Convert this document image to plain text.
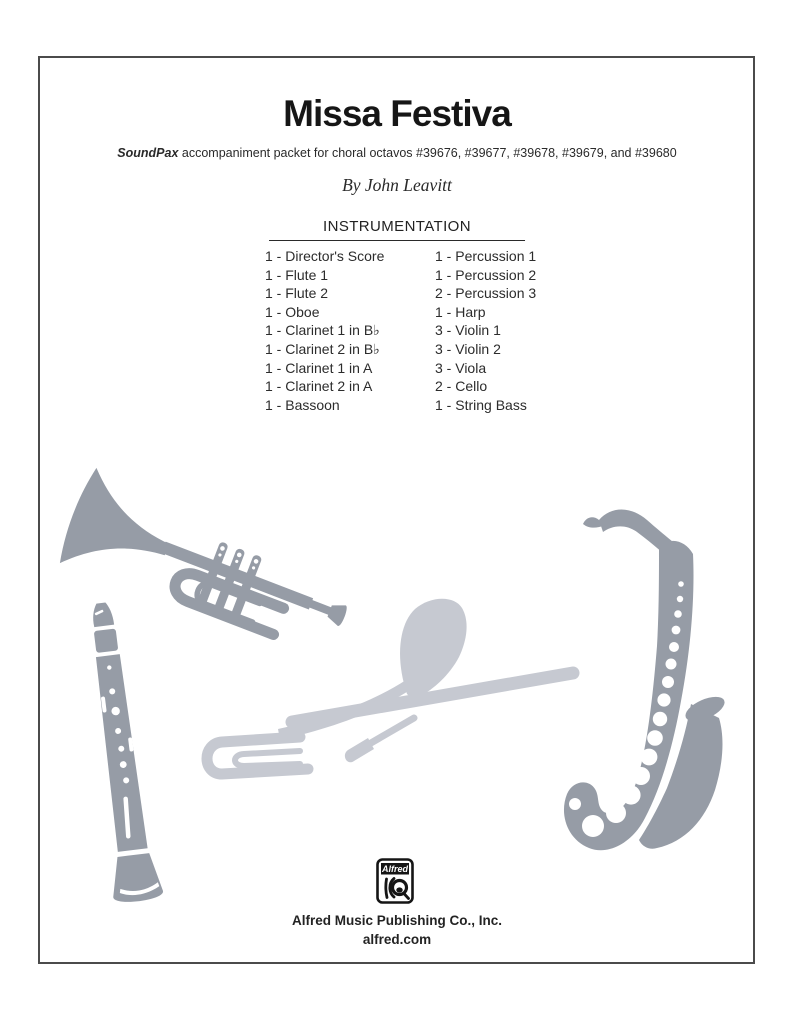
Missa Festiva
SoundPax accompaniment packet for choral octavos #39676, #39677, #39678, #39679, and #39680
By John Leavitt
INSTRUMENTATION
1 - Director's Score
1 - Flute 1
1 - Flute 2
1 - Oboe
1 - Clarinet 1 in B♭
1 - Clarinet 2 in B♭
1 - Clarinet 1 in A
1 - Clarinet 2 in A
1 - Bassoon
1 - Percussion 1
1 - Percussion 2
2 - Percussion 3
1 - Harp
3 - Violin 1
3 - Violin 2
3 - Viola
2 - Cello
1 - String Bass
Alfred
Alfred Music Publishing Co., Inc.
alfred.com
